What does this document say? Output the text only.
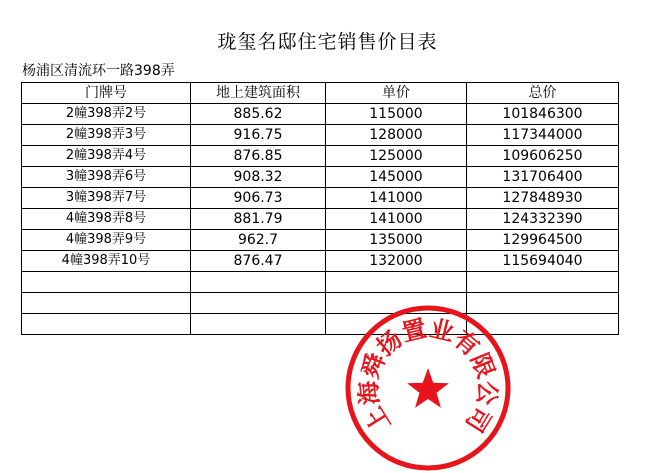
珑玺名邸住宅销售价目表
杨浦区清流环一路398弄
门牌号	地上建筑面积	单价	总价
2幢398弄2号	885.62	115000	101846300
2幢398弄3号	916.75	128000	117344000
2幢398弄4号	876.85	125000	109606250
3幢398弄6号	908.32	145000	131706400
3幢398弄7号	906.73	141000	127848930
4幢398弄8号	881.79	141000	124332390
4幢398弄9号	962.7	135000	129964500
4幢398弄10号	876.47	132000	115694040

上
海
舜
扬
置
业
有
限
公
司
